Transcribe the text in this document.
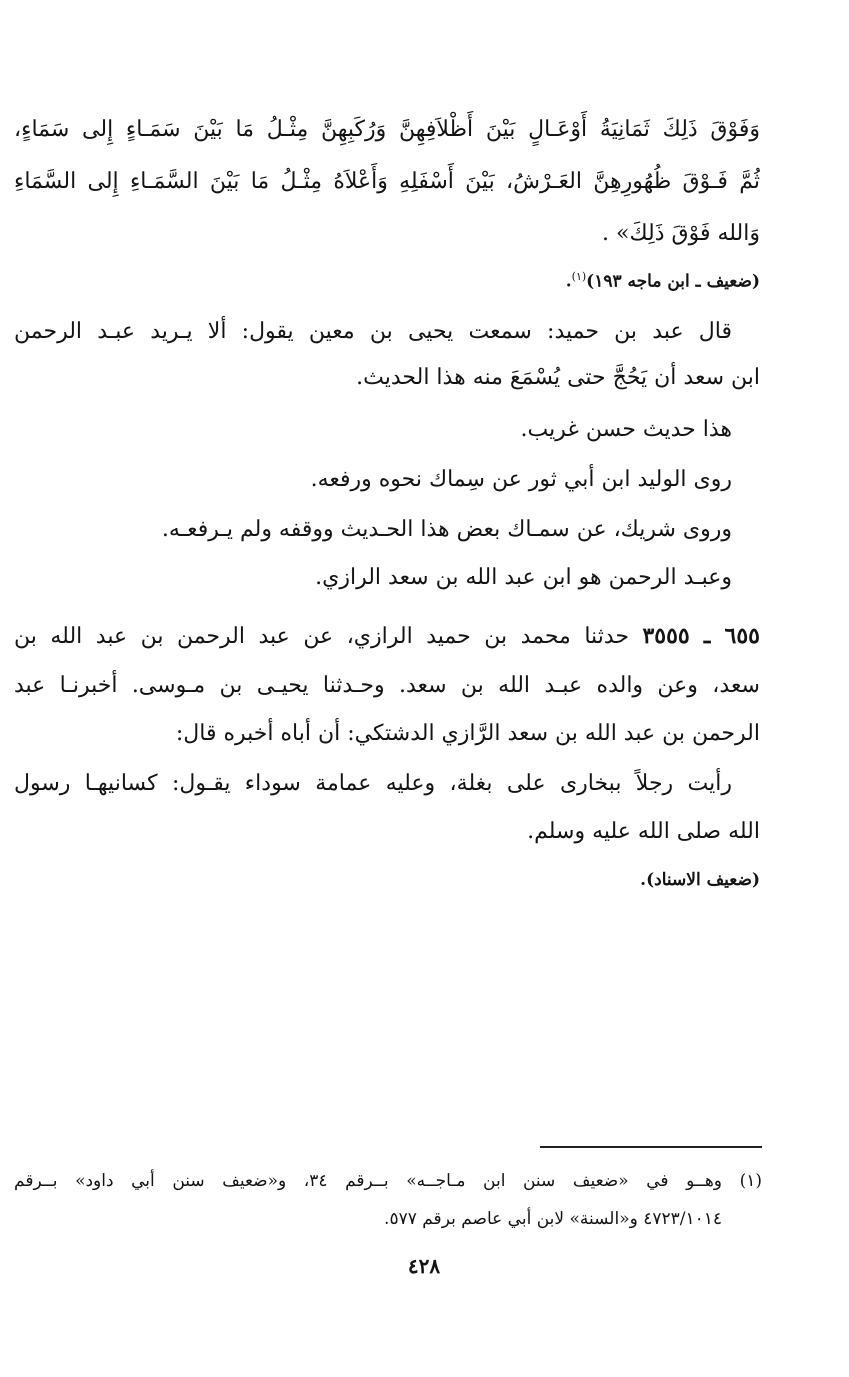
وَفَوْقَ ذَلِكَ ثَمَانِيَةُ أَوْعَـالٍ بَيْنَ أَظْلاَفِهِنَّ وَرُكَبِهِنَّ مِثْـلُ مَا بَيْنَ سَمَـاءٍ إِلى سَمَاءٍ،
ثُمَّ فَـوْقَ ظُهُورِهِنَّ العَـرْشُ، بَيْنَ أَسْفَلِهِ وَأَعْلاَهُ مِثْـلُ مَا بَيْنَ السَّمَـاءِ إِلى السَّمَاءِ
وَالله فَوْقَ ذَلِكَ» .
(ضعيف ـ ابن ماجه ١٩٣)$^{(١)}$.
قال عبد بن حميد: سمعت يحيى بن معين يقول: ألا يـريد عبـد الرحمن
ابن سعد أن يَحُجَّ حتى يُسْمَعَ منه هذا الحديث.
هذا حديث حسن غريب.
روى الوليد ابن أبي ثور عن سِماك نحوه ورفعه.
وروى شريك، عن سمـاك بعض هذا الحـديث ووقفه ولم يـرفعـه.
وعبـد الرحمن هو ابن عبد الله بن سعد الرازي.
٦٥٥ ـ ٣٥٥٥ حدثنا محمد بن حميد الرازي، عن عبد الرحمن بن عبد الله بن
سعد، وعن والده عبـد الله بن سعد. وحـدثنا يحيـى بن مـوسى. أخبرنـا عبد
الرحمن بن عبد الله بن سعد الرَّازي الدشتكي: أن أباه أخبره قال:
رأيت رجلاً ببخارى على بغلة، وعليه عمامة سوداء يقـول: كسانيهـا رسول
الله صلى الله عليه وسلم.
(ضعيف الاسناد).
(١) وهــو في «ضعيف سنن ابن مـاجــه» بــرقم ٣٤، و«ضعيف سنن أبي داود» بــرقم
٤٧٢٣/١٠١٤ و«السنة» لابن أبي عاصم برقم ٥٧٧.
٤٢٨
